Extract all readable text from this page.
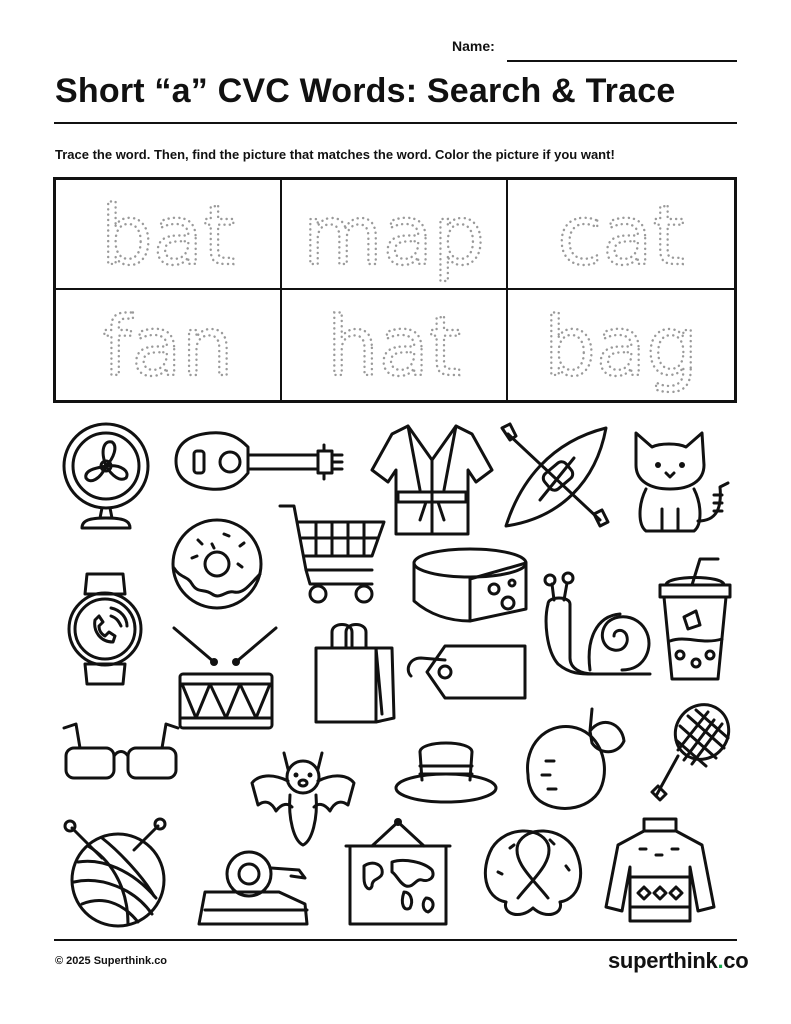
Name:
Short “a” CVC Words: Search & Trace
Trace the word. Then, find the picture that matches the word. Color the picture if you want!
bat map cat
fan hat bag
© 2025 Superthink.co	superthink.co
